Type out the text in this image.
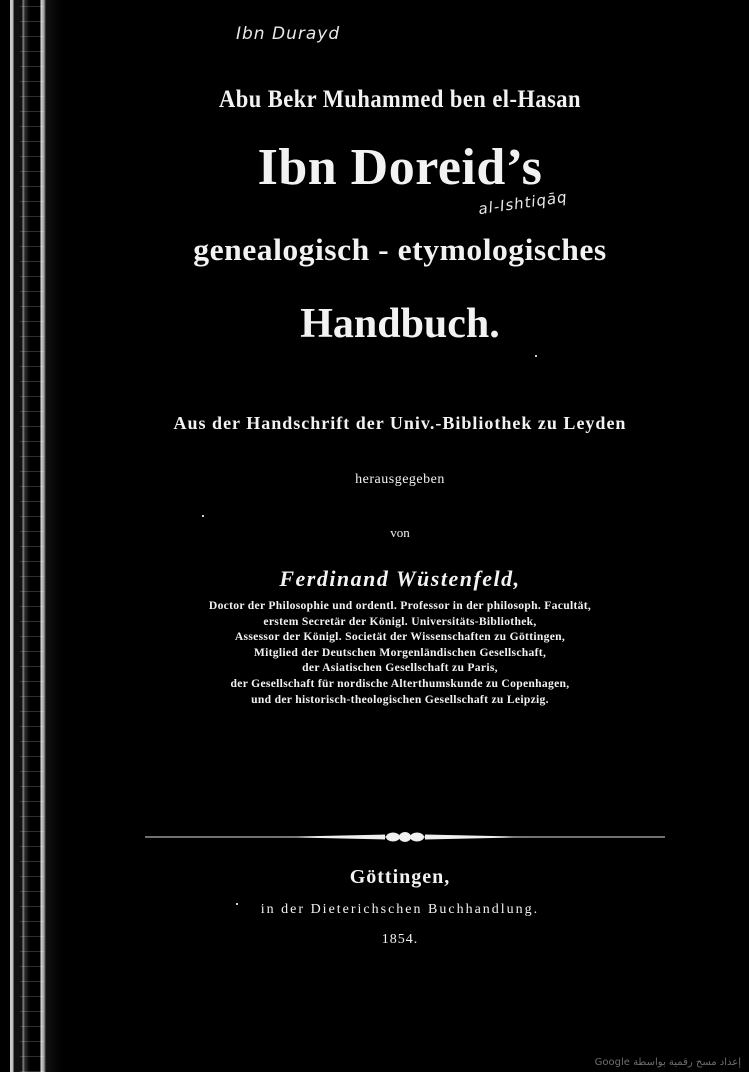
Ibn Durayd
al-Ishtiqāq
Abu Bekr Muhammed ben el-Hasan
Ibn Doreid’s
genealogisch - etymologisches
Handbuch.
Aus der Handschrift der Univ.-Bibliothek zu Leyden
herausgegeben
von
Ferdinand Wüstenfeld,
Doctor der Philosophie und ordentl. Professor in der philosoph. Facultät,
erstem Secretär der Königl. Universitäts-Bibliothek,
Assessor der Königl. Societät der Wissenschaften zu Göttingen,
Mitglied der Deutschen Morgenländischen Gesellschaft,
der Asiatischen Gesellschaft zu Paris,
der Gesellschaft für nordische Alterthumskunde zu Copenhagen,
und der historisch-theologischen Gesellschaft zu Leipzig.
Göttingen,
in der Dieterichschen Buchhandlung.
1854.
Google إعداد مسح رقمية بواسطة
